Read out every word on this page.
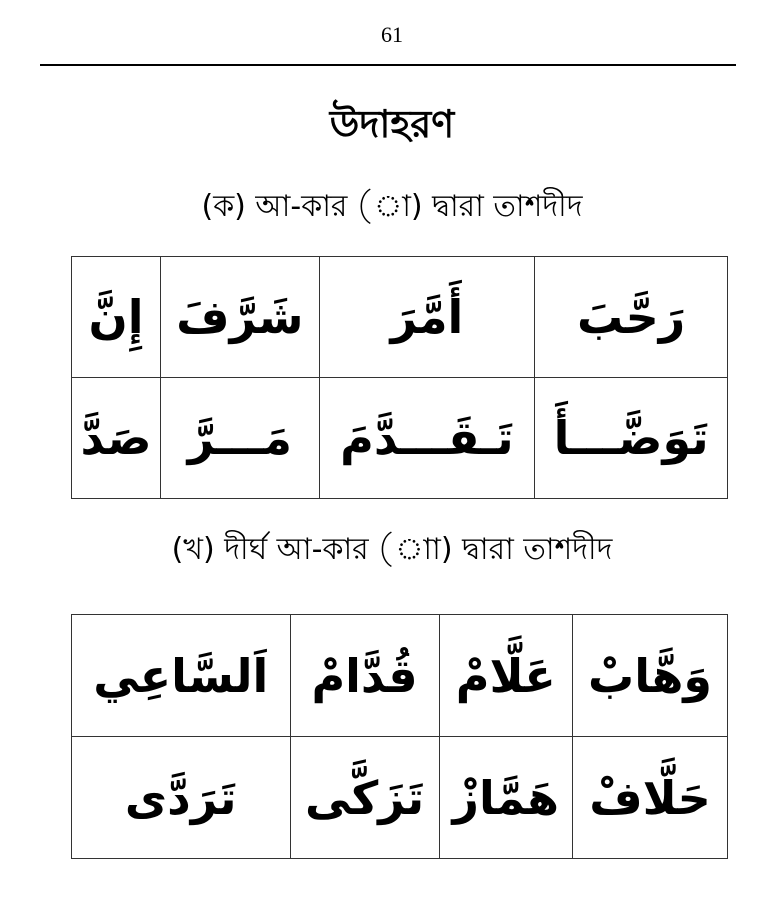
61
উদাহরণ
(ক) আ-কার (া) দ্বারা তাশদীদ
رَحَّبَ	أَمَّرَ	شَرَّفَ	إِنَّ
تَوَضَّـــأَ	تَـقَـــدَّمَ	مَـــرَّ	صَدَّ
(খ) দীর্ঘ আ-কার (াা) দ্বারা তাশদীদ
وَهَّابْ	عَلَّامْ	قُدَّامْ	اَلسَّاعِي
حَلَّافْ	هَمَّازْ	تَزَكَّى	تَرَدَّى
